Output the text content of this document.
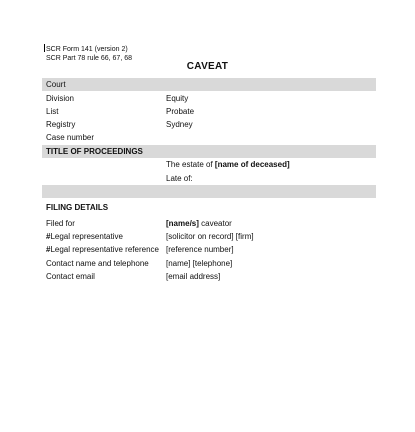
SCR Form 141 (version 2)
SCR Part 78 rule 66, 67, 68
CAVEAT
Court
Division	Equity
List	Probate
Registry	Sydney
Case number
TITLE OF PROCEEDINGS
The estate of [name of deceased]
Late of:
FILING DETAILS
Filed for	[name/s] caveator
#Legal representative	[solicitor on record] [firm]
#Legal representative reference [reference number]
Contact name and telephone [name] [telephone]
Contact email	[email address]
